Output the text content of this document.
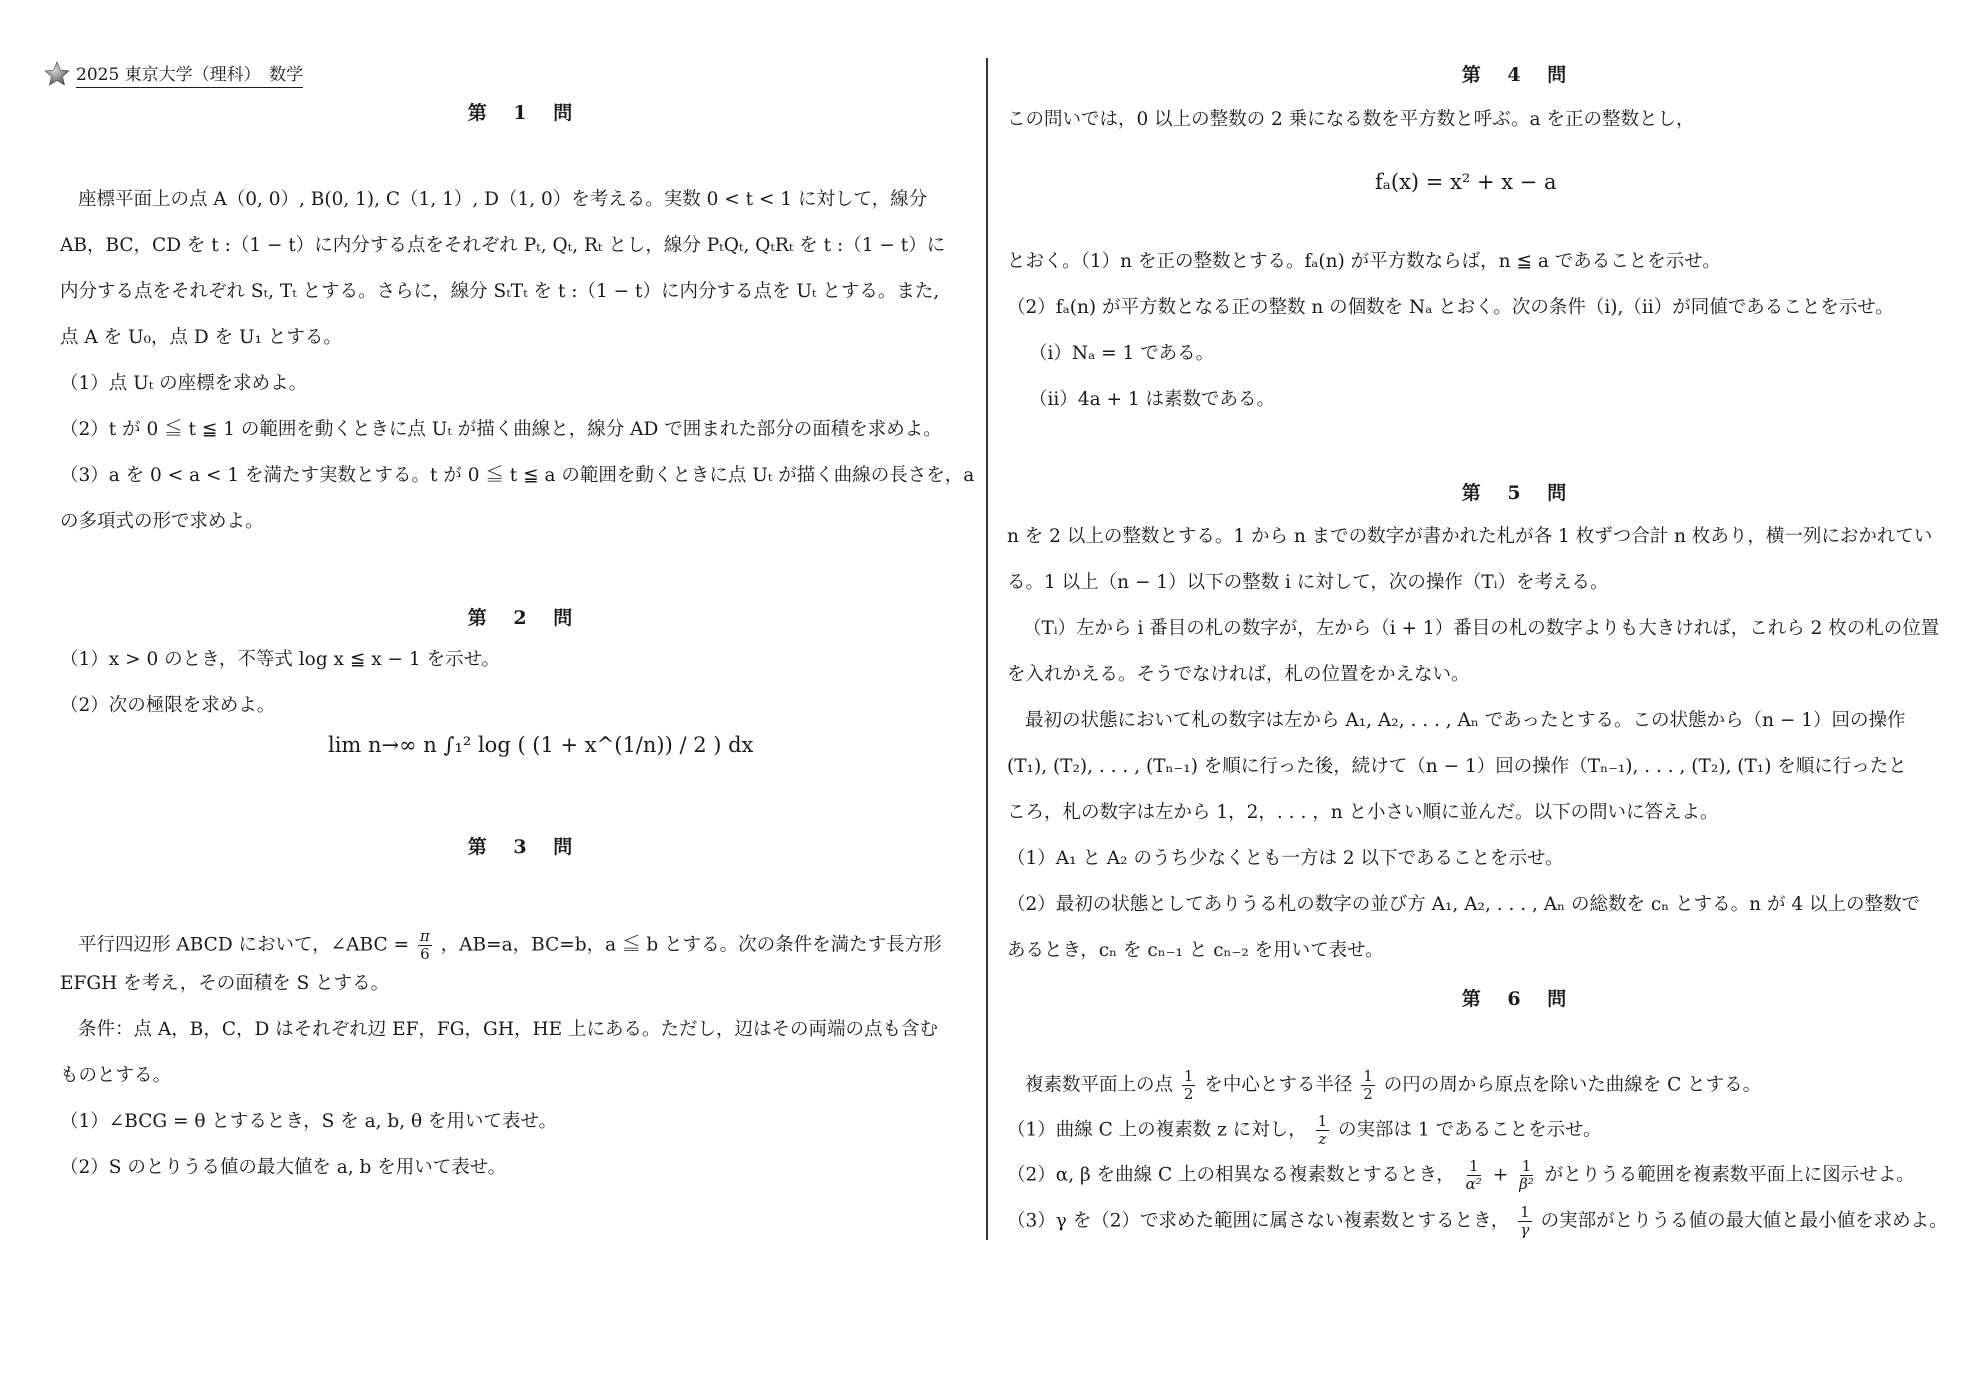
2025 東京大学（理科）　数学
第 1 問
座標平面上の点 A（0, 0）, B(0, 1), C（1, 1）, D（1, 0）を考える。実数 0 < t < 1 に対して，線分
AB，BC，CD を t :（1 − t）に内分する点をそれぞれ Pₜ, Qₜ, Rₜ とし，線分 PₜQₜ, QₜRₜ を t :（1 − t）に
内分する点をそれぞれ Sₜ, Tₜ とする。さらに，線分 SₜTₜ を t :（1 − t）に内分する点を Uₜ とする。また,
点 A を U₀，点 D を U₁ とする。
（1）点 Uₜ の座標を求めよ。
（2）t が 0 ≦ t ≦ 1 の範囲を動くときに点 Uₜ が描く曲線と，線分 AD で囲まれた部分の面積を求めよ。
（3）a を 0 < a < 1 を満たす実数とする。t が 0 ≦ t ≦ a の範囲を動くときに点 Uₜ が描く曲線の長さを，a
の多項式の形で求めよ。
第 2 問
（1）x > 0 のとき，不等式 log x ≦ x − 1 を示せ。
（2）次の極限を求めよ。
lim n→∞ n ∫₁² log ( (1 + x^(1/n)) / 2 ) dx
第 3 問
平行四辺形 ABCD において，∠ABC = $\frac{\pi}{6}$ ，AB=a，BC=b，a ≦ b とする。次の条件を満たす長方形
EFGH を考え，その面積を S とする。
条件：点 A，B，C，D はそれぞれ辺 EF，FG，GH，HE 上にある。ただし，辺はその両端の点も含む
ものとする。
（1）∠BCG = θ とするとき，S を a, b, θ を用いて表せ。
（2）S のとりうる値の最大値を a, b を用いて表せ。
第 4 問
この問いでは，0 以上の整数の 2 乗になる数を平方数と呼ぶ。a を正の整数とし，
fₐ(x) = x² + x − a
とおく。（1）n を正の整数とする。fₐ(n) が平方数ならば，n ≦ a であることを示せ。
（2）fₐ(n) が平方数となる正の整数 n の個数を Nₐ とおく。次の条件（i),（ii）が同値であることを示せ。
（i）Nₐ = 1 である。
（ii）4a + 1 は素数である。
第 5 問
n を 2 以上の整数とする。1 から n までの数字が書かれた札が各 1 枚ずつ合計 n 枚あり，横一列におかれてい
る。1 以上（n − 1）以下の整数 i に対して，次の操作（Tᵢ）を考える。
（Tᵢ）左から i 番目の札の数字が，左から（i + 1）番目の札の数字よりも大きければ，これら 2 枚の札の位置
を入れかえる。そうでなければ，札の位置をかえない。
最初の状態において札の数字は左から A₁, A₂, . . . , Aₙ であったとする。この状態から（n − 1）回の操作
(T₁), (T₂), . . . , (Tₙ₋₁) を順に行った後，続けて（n − 1）回の操作（Tₙ₋₁), . . . , (T₂), (T₁) を順に行ったと
ころ，札の数字は左から 1，2，. . . ，n と小さい順に並んだ。以下の問いに答えよ。
（1）A₁ と A₂ のうち少なくとも一方は 2 以下であることを示せ。
（2）最初の状態としてありうる札の数字の並び方 A₁, A₂, . . . , Aₙ の総数を cₙ とする。n が 4 以上の整数で
あるとき，cₙ を cₙ₋₁ と cₙ₋₂ を用いて表せ。
第 6 問
複素数平面上の点 $\frac{1}{2}$ を中心とする半径 $\frac{1}{2}$ の円の周から原点を除いた曲線を C とする。
（1）曲線 C 上の複素数 z に対し， $\frac{1}{z}$ の実部は 1 であることを示せ。
（2）α, β を曲線 C 上の相異なる複素数とするとき， $\frac{1}{\text{α²}} + \frac{1}{\text{β²}}$ がとりうる範囲を複素数平面上に図示せよ。
（3）γ を（2）で求めた範囲に属さない複素数とするとき， $\frac{1}{\gamma}$ の実部がとりうる値の最大値と最小値を求めよ。
